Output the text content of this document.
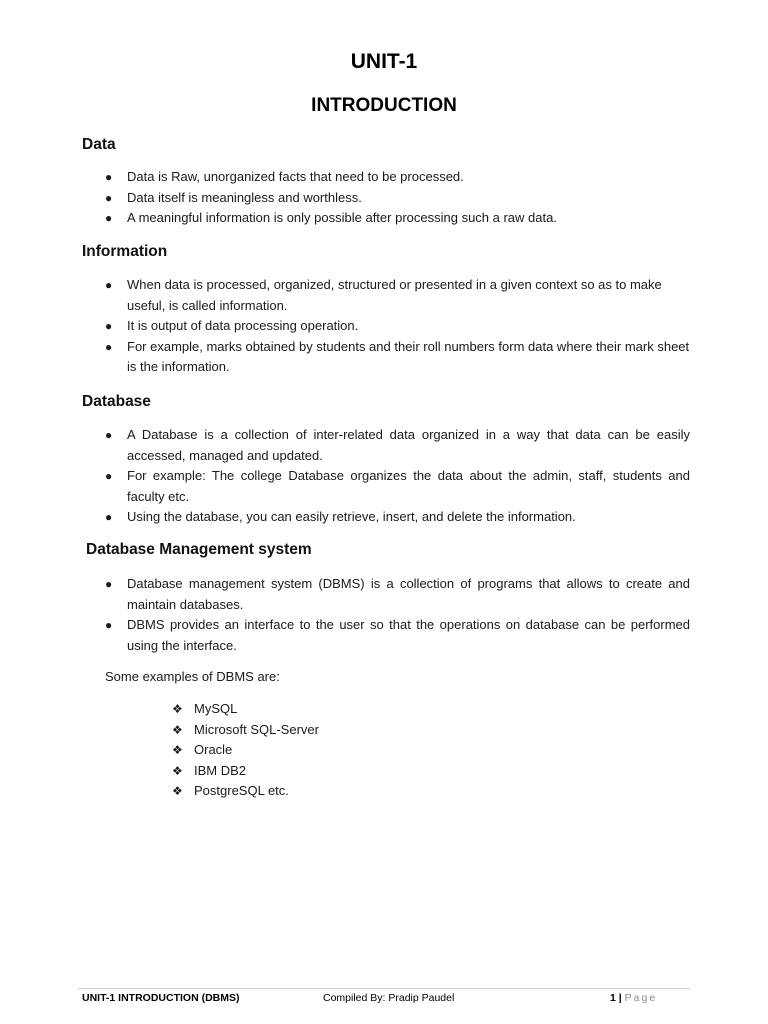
UNIT-1
INTRODUCTION
Data
● Data is Raw, unorganized facts that need to be processed.
● Data itself is meaningless and worthless.
● A meaningful information is only possible after processing such a raw data.
Information
● When data is processed, organized, structured or presented in a given context so as to make useful, is called information.
● It is output of data processing operation.
● For example, marks obtained by students and their roll numbers form data where their mark sheet is the information.
Database
● A Database is a collection of inter-related data organized in a way that data can be easily accessed, managed and updated.
● For example: The college Database organizes the data about the admin, staff, students and faculty etc.
● Using the database, you can easily retrieve, insert, and delete the information.
Database Management system
● Database management system (DBMS) is a collection of programs that allows to create and maintain databases.
● DBMS provides an interface to the user so that the operations on database can be performed using the interface.

Some examples of DBMS are:

❖ MySQL
❖ Microsoft SQL-Server
❖ Oracle
❖ IBM DB2
❖ PostgreSQL etc.
UNIT-1 INTRODUCTION (DBMS)	Compiled By: Pradip Paudel	1 | Page
